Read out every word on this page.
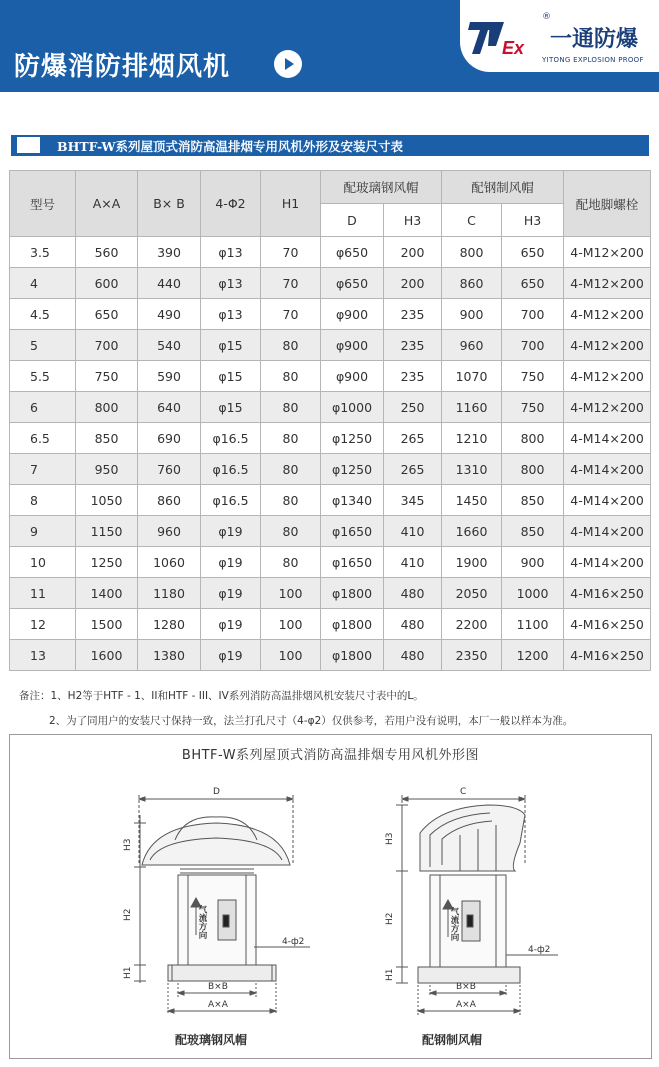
防爆消防排烟风机
Ex
®
一通防爆
YITONG EXPLOSION PROOF
BHTF-W系列屋顶式消防高温排烟专用风机外形及安装尺寸表
型号	A×A	B× B	4-Φ2	H1	配玻璃钢风帽		配钢制风帽		配地脚螺栓
					D	H3	C	H3	
3.5	560	390	φ13	70	φ650	200	800	650	4-M12×200
4	600	440	φ13	70	φ650	200	860	650	4-M12×200
4.5	650	490	φ13	70	φ900	235	900	700	4-M12×200
5	700	540	φ15	80	φ900	235	960	700	4-M12×200
5.5	750	590	φ15	80	φ900	235	1070	750	4-M12×200
6	800	640	φ15	80	φ1000	250	1160	750	4-M12×200
6.5	850	690	φ16.5	80	φ1250	265	1210	800	4-M14×200
7	950	760	φ16.5	80	φ1250	265	1310	800	4-M14×200
8	1050	860	φ16.5	80	φ1340	345	1450	850	4-M14×200
9	1150	960	φ19	80	φ1650	410	1660	850	4-M14×200
10	1250	1060	φ19	80	φ1650	410	1900	900	4-M14×200
11	1400	1180	φ19	100	φ1800	480	2050	1000	4-M16×250
12	1500	1280	φ19	100	φ1800	480	2200	1100	4-M16×250
13	1600	1380	φ19	100	φ1800	480	2350	1200	4-M16×250
备注：1、H2等于HTF - 1、II和HTF - III、IV系列消防高温排烟风机安装尺寸表中的L。
2、为了同用户的安装尺寸保持一致，法兰打孔尺寸（4-φ2）仅供参考，若用户没有说明，本厂一般以样本为准。
BHTF-W系列屋顶式消防高温排烟专用风机外形图
D	C
H3
H2
H1
H3
H2
H1
B×B
A×A
B×B
A×A
4-ф2
4-ф2
气流方向	气流方向
配玻璃钢风帽	配钢制风帽
